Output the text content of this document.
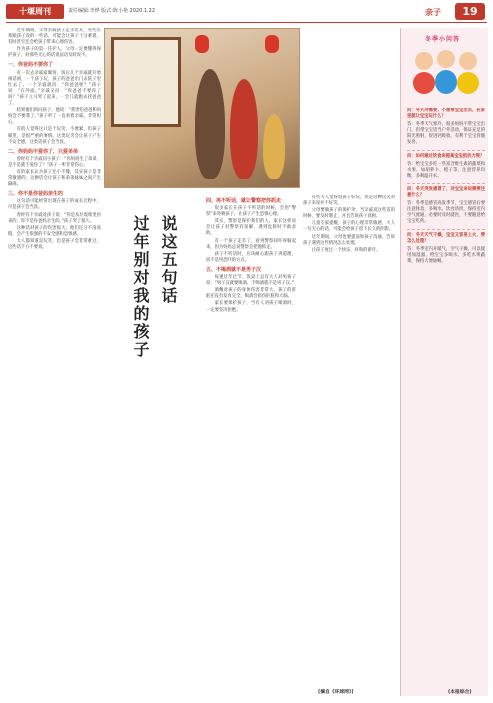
十堰周刊	责任编辑:李烨 版式:陈小艳 2020.1.22	亲子	19

过年期间，父母亲戚孩子走亲访友，有些长辈跟孩子说的一些话，可能会让孩子十分难堪，有时甚至还会给孩子带来心理伤害。

作为孩子的第一任护人，父母一定要懂得保护孩子，对那些无心的话说法语及时说不。

一、你爸妈不要你了

有一次去亲戚家做客，饭后几个亲戚就开始闲话闲，一个孩子玩，孩子的爸爸出门去院子里忙去了，一个亲戚就问：“你爸爸呢？”孩子说：“在外面。”亲戚又问：“你爸爸不要你了吗？”孩子立马哭了起来，一会儿就跑去找爸爸了。

结果他们询问孩子，他说：“我害怕爸爸和妈妈会不要我了。”孩子听了一直看着亲戚，非常担心。

有的人觉得这只是个玩笑，不要紧，但孩子眼里，是很严重的事情。这类玩笑会让孩子产生不安全感，这类话孩子会当真。

二、你妈妈不爱你了，只爱弟弟

曾经有个亲戚问小孩子：“你妈妈生了弟弟，是不是就不爱你了？”孩子一听非常伤心。

有的家长认为孩子还小不懂，其实孩子是非常敏感的，这种话会让孩子和弟弟妹妹之间产生隔阂。

三、你不是你爸妈亲生的

这句话可能经常出现在孩子的成长过程中，可是孩子会当真。

曾经有个亲戚对孩子说：“你是从垃圾堆里捡来的，你不是你爸妈亲生的。”孩子哭了很久。

这种话对孩子的伤害很大，他们还分不清真假，会产生很强的不安全感和恐惧感。

大人都知道是玩笑，但是孩子会非常难过，这些话千万不要说。	过年别对我的孩子 说这五句话

四、再不听话，就让警察把你抓走

很多家长在孩子不听话的时候，会用“警察”来吓唬孩子，让孩子产生恐惧心理。

其实，警察是保护我们的人，家长这样说会让孩子对警察有误解，遇到危险时不敢求助。

有一个孩子走丢了，看到警察却吓得躲起来，因为妈妈总说警察会把他抓走。

孩子不听话时，应该耐心跟孩子讲道理，而不是用恐吓的方式。

五、不喝酒就不是男子汉

每逢过年过节，饭桌上总有大人对男孩子说：“男子汉就要喝酒，不喝酒就不是男子汉。”

酒精对孩子的身体伤害非常大，孩子的肝脏还没有发育完全，喝酒会损伤肝脏和大脑。

家长要保护孩子，当有人劝孩子喝酒时，一定要坚决拒绝。

有些大人觉得逗孩子好玩，但是这种玩笑对孩子来说并不好笑。

父母要做孩子的保护伞，当亲戚说这些话的时候，要及时制止，并且告诉孩子真相。

儿童专家提醒，孩子的心理非常敏感，大人一句无心的话，可能会给孩子留下长久的阴影。

过年期间，父母也要提前和孩子沟通，告诉孩子遇到这些情况怎么处理。

让孩子度过一个快乐、祥和的新年。

(摘自《环球网》)
冬季小问答

问：冬天冷需要，不想带宝宝出去，在家里就让宝宝玩什么？

答：冬季天气寒冷，很多妈妈不带宝宝出门，但带宝宝适当户外活动，保证充足的阳光照射，促进钙吸收，有利于宝宝骨骼发育。

问：如何通过饮食来提高宝宝抵抗力呢？

答：给宝宝多吃一些富含维生素的蔬菜和水果，如胡萝卜、橙子等，注意营养均衡，多喝温开水。

问：冬天突发感冒了，对宝宝来说需要注意什么？

答：冬季是感冒高发季节，宝宝感冒后要注意休息，多喝水，饮食清淡，保持室内空气流通，必要时及时就医，不要随意给宝宝吃药。

问：冬天天气干燥，宝宝又容易上火，要怎么处理？

答：冬季室内开暖气，空气干燥，可以使用加湿器，给宝宝多喝水，多吃水果蔬菜，保持大便通畅。

(本报综合)
